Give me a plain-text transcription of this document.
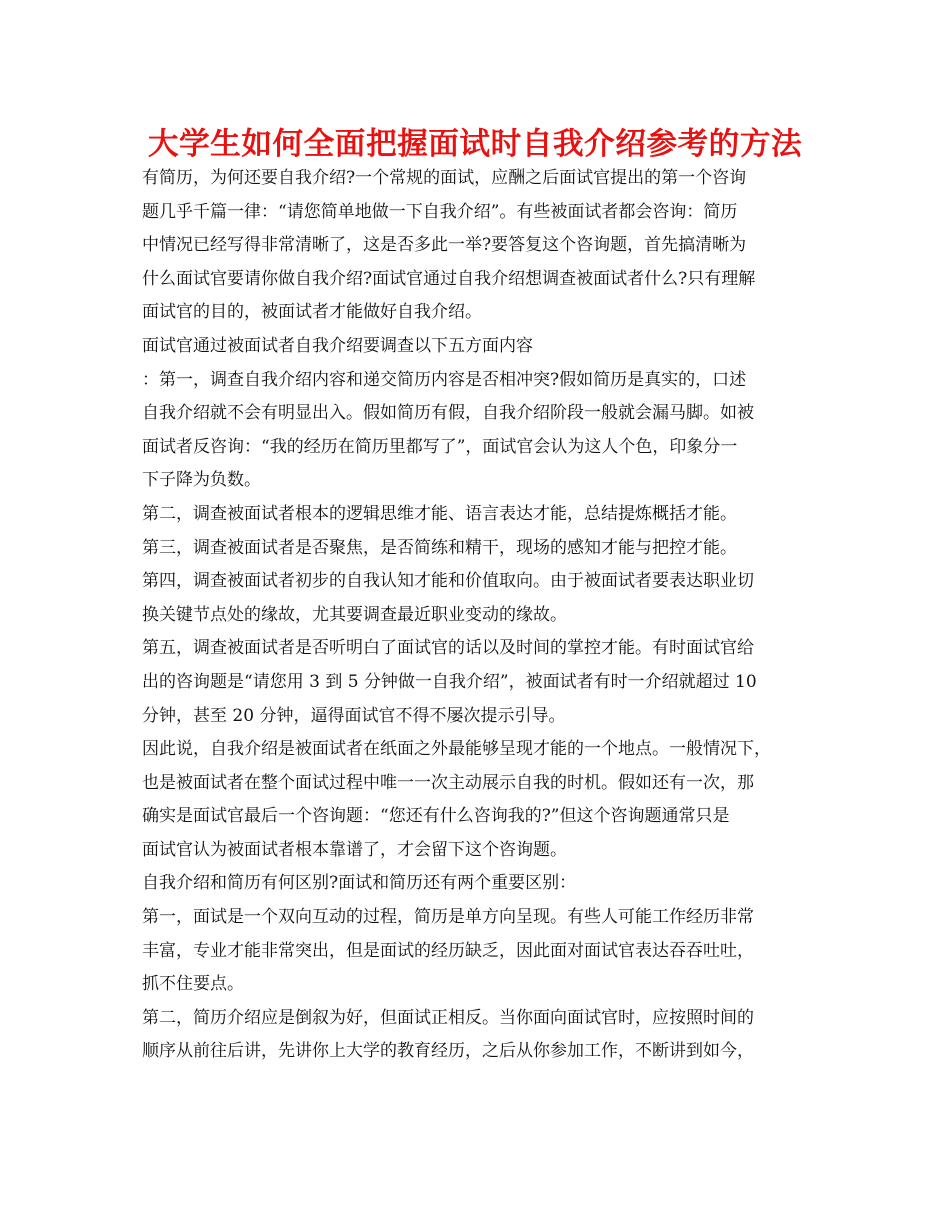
大学生如何全面把握面试时自我介绍参考的方法
有简历，为何还要自我介绍?一个常规的面试，应酬之后面试官提出的第一个咨询
题几乎千篇一律：“请您简单地做一下自我介绍”。有些被面试者都会咨询：简历
中情况已经写得非常清晰了，这是否多此一举?要答复这个咨询题，首先搞清晰为
什么面试官要请你做自我介绍?面试官通过自我介绍想调查被面试者什么?只有理解
面试官的目的，被面试者才能做好自我介绍。
面试官通过被面试者自我介绍要调查以下五方面内容
：第一，调查自我介绍内容和递交简历内容是否相冲突?假如简历是真实的，口述
自我介绍就不会有明显出入。假如简历有假，自我介绍阶段一般就会漏马脚。如被
面试者反咨询：“我的经历在简历里都写了”，面试官会认为这人个色，印象分一
下子降为负数。
第二，调查被面试者根本的逻辑思维才能、语言表达才能，总结提炼概括才能。
第三，调查被面试者是否聚焦，是否简练和精干，现场的感知才能与把控才能。
第四，调查被面试者初步的自我认知才能和价值取向。由于被面试者要表达职业切
换关键节点处的缘故，尤其要调查最近职业变动的缘故。
第五，调查被面试者是否听明白了面试官的话以及时间的掌控才能。有时面试官给
出的咨询题是“请您用 3 到 5 分钟做一自我介绍”，被面试者有时一介绍就超过 10
分钟，甚至 20 分钟，逼得面试官不得不屡次提示引导。
因此说，自我介绍是被面试者在纸面之外最能够呈现才能的一个地点。一般情况下，
也是被面试者在整个面试过程中唯一一次主动展示自我的时机。假如还有一次，那
确实是面试官最后一个咨询题：“您还有什么咨询我的?”但这个咨询题通常只是
面试官认为被面试者根本靠谱了，才会留下这个咨询题。
自我介绍和简历有何区别?面试和简历还有两个重要区别：
第一，面试是一个双向互动的过程，简历是单方向呈现。有些人可能工作经历非常
丰富，专业才能非常突出，但是面试的经历缺乏，因此面对面试官表达吞吞吐吐，
抓不住要点。
第二，简历介绍应是倒叙为好，但面试正相反。当你面向面试官时，应按照时间的
顺序从前往后讲，先讲你上大学的教育经历，之后从你参加工作，不断讲到如今，
